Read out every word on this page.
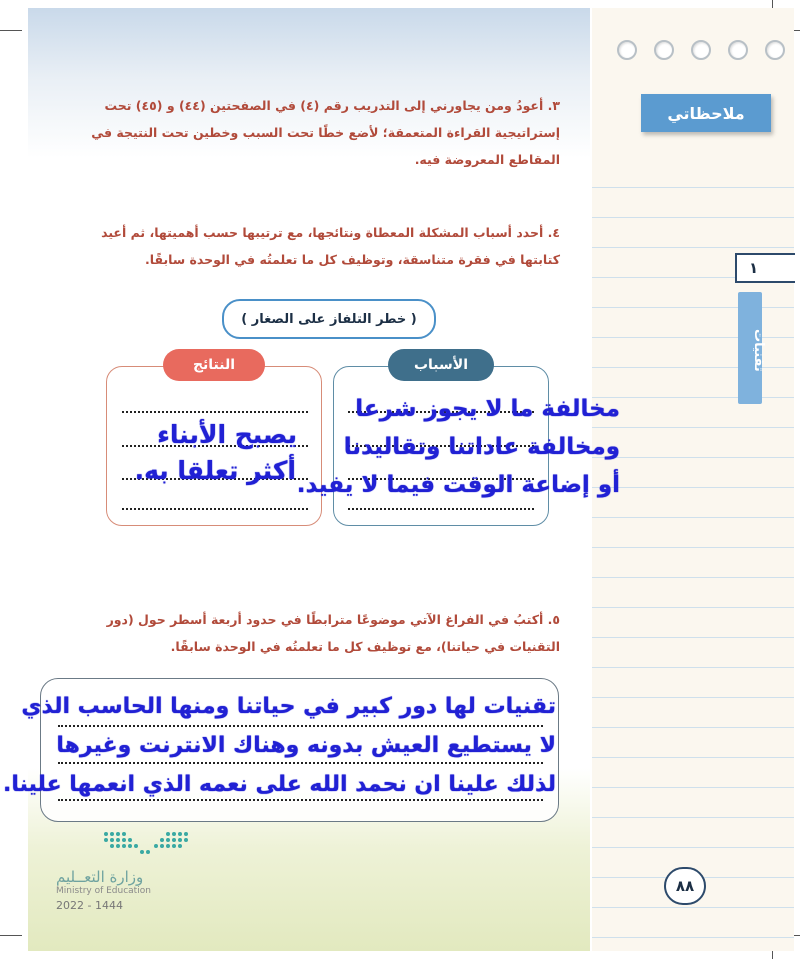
ملاحظاتي
١
تقنيات
٣. أعودُ ومن يجاورني إلى التدريب رقم (٤) في الصفحتين (٤٤) و (٤٥) تحت
إستراتيجية القراءة المتعمقة؛ لأضع خطًا تحت السبب وخطين تحت النتيجة في
المقاطع المعروضة فيه.
٤. أحدد أسباب المشكلة المعطاة ونتائجها، مع ترتيبها حسب أهميتها، ثم أعيد
كتابتها في فقرة متناسقة، وتوظيف كل ما تعلمتُه في الوحدة سابقًا.
( خطر التلفاز على الصغار )
النتائج	الأسباب
مخالفة ما لا يجوز شرعا
ومخالفة عاداتنا وتقاليدنا
أو إضاعة الوقت فيما لا يفيد.
يصبح الأبناء
أكثر تعلقا به.
٥. أكتبُ في الفراغ الآتي موضوعًا مترابطًا في حدود أربعة أسطر حول (دور
التقنيات في حياتنا)، مع توظيف كل ما تعلمتُه في الوحدة سابقًا.
تقنيات لها دور كبير في حياتنا ومنها الحاسب الذي
لا يستطيع العيش بدونه وهناك الانترنت وغيرها
لذلك علينا ان نحمد الله على نعمه الذي انعمها علينا.
وزارة التعــليم
Ministry of Education
2022 - 1444
٨٨
